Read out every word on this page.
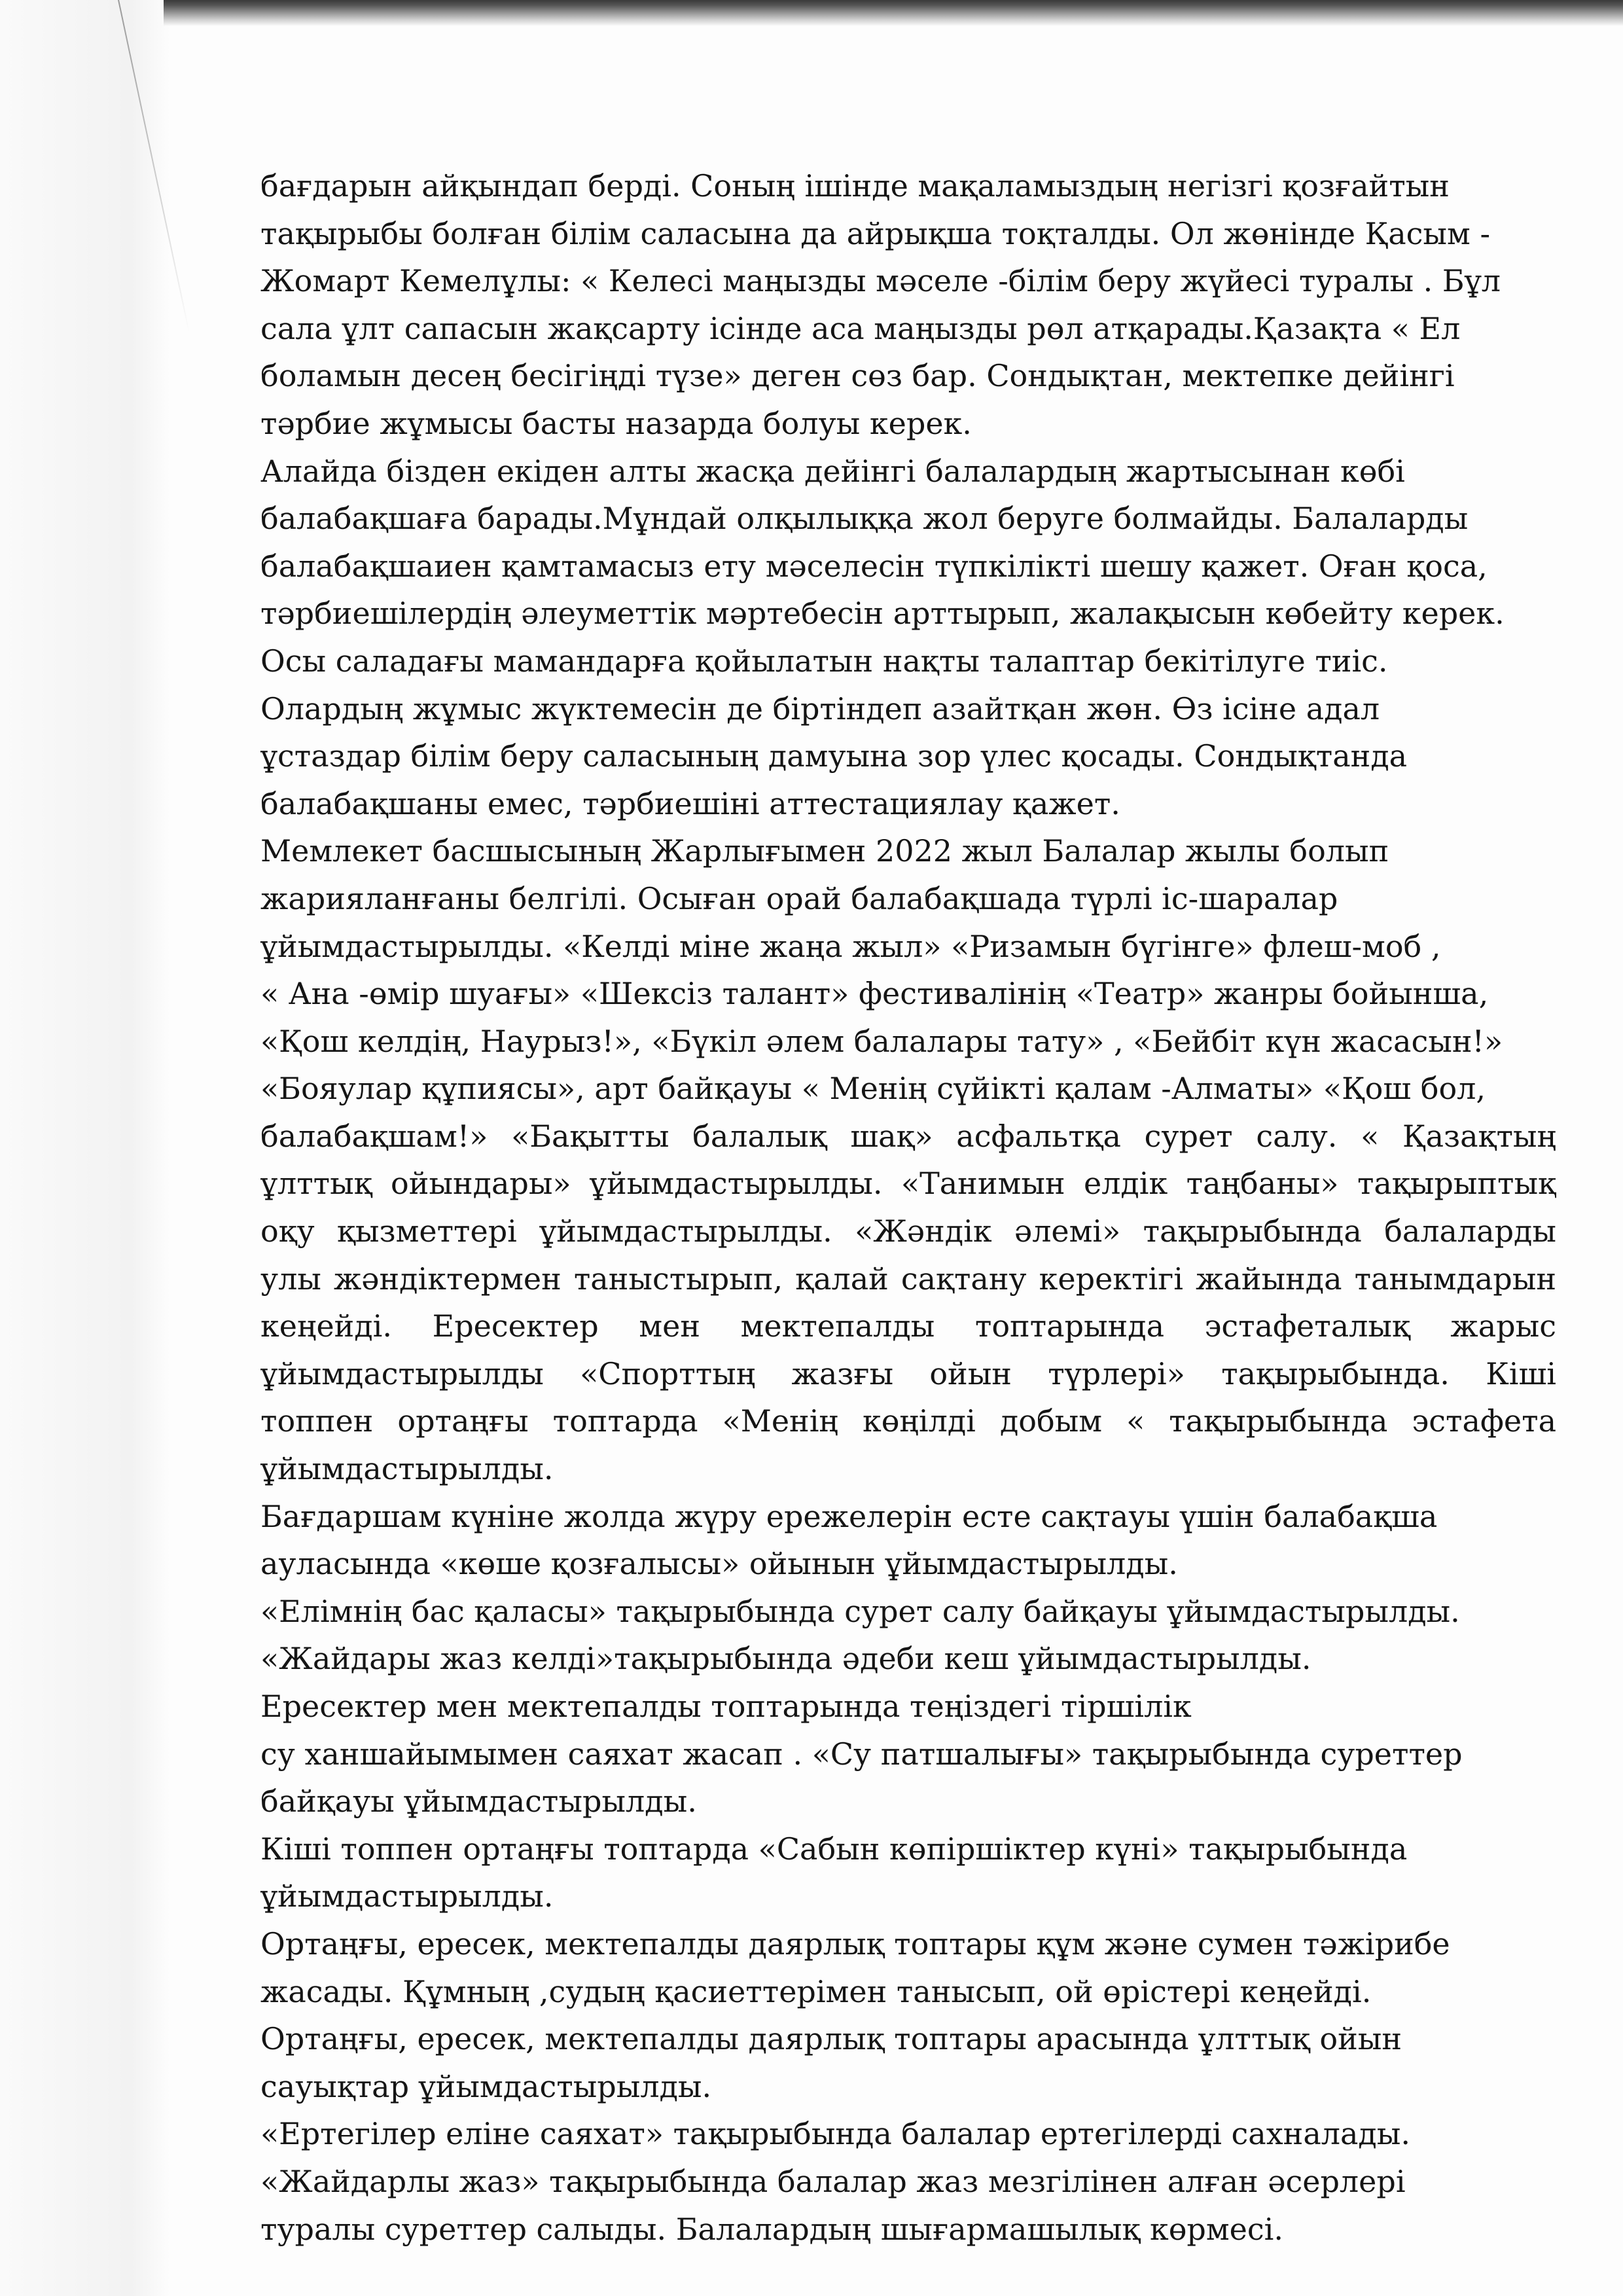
бағдарын айқындап берді. Соның ішінде мақаламыздың негізгі қозғайтын
тақырыбы болған білім саласына да айрықша тоқталды. Ол жөнінде Қасым -
Жомарт Кемелұлы: « Келесі маңызды мәселе -білім беру жүйесі туралы . Бұл
сала ұлт сапасын жақсарту ісінде аса маңызды рөл атқарады.Қазақта « Ел
боламын десең бесігіңді түзе» деген сөз бар. Сондықтан, мектепке дейінгі
тәрбие жұмысы басты назарда болуы керек.
Алайда бізден екіден алты жасқа дейінгі балалардың жартысынан көбі
балабақшаға барады.Мұндай олқылыққа жол беруге болмайды. Балаларды
балабақшаиен қамтамасыз ету мәселесін түпкілікті шешу қажет. Оған қоса,
тәрбиешілердің әлеуметтік мәртебесін арттырып, жалақысын көбейту керек.
Осы саладағы мамандарға қойылатын нақты талаптар бекітілуге тиіс.
Олардың жұмыс жүктемесін де біртіндеп азайтқан жөн. Өз ісіне адал
ұстаздар білім беру саласының дамуына зор үлес қосады. Сондықтанда
балабақшаны емес, тәрбиешіні аттестациялау қажет.
Мемлекет басшысының Жарлығымен 2022 жыл Балалар жылы болып
жарияланғаны белгілі. Осыған орай балабақшада түрлі іс-шаралар
ұйымдастырылды. «Келді міне жаңа жыл» «Ризамын бүгінге» флеш-моб ,
« Ана -өмір шуағы» «Шексіз талант» фестивалінің «Театр» жанры бойынша,
«Қош келдің, Наурыз!», «Бүкіл әлем балалары тату» , «Бейбіт күн жасасын!»
«Бояулар құпиясы», арт байқауы « Менің сүйікті қалам -Алматы» «Қош бол,
балабақшам!» «Бақытты балалық шақ» асфальтқа сурет салу. « Қазақтың
ұлттық ойындары» ұйымдастырылды. «Танимын елдік таңбаны» тақырыптық
оқу қызметтері ұйымдастырылды. «Жәндік әлемі» тақырыбында балаларды
улы жәндіктермен таныстырып, қалай сақтану керектігі жайында танымдарын
кеңейді. Ересектер мен мектепалды топтарында эстафеталық жарыс
ұйымдастырылды «Спорттың жазғы ойын түрлері» тақырыбында. Кіші
топпен ортаңғы топтарда «Менің көңілді добым « тақырыбында эстафета
ұйымдастырылды.
Бағдаршам күніне жолда жүру ережелерін есте сақтауы үшін балабақша
ауласында «көше қозғалысы» ойынын ұйымдастырылды.
«Елімнің бас қаласы» тақырыбында сурет салу байқауы ұйымдастырылды.
«Жайдары жаз келді»тақырыбында әдеби кеш ұйымдастырылды.
Ересектер мен мектепалды топтарында теңіздегі тіршілік
су ханшайымымен саяхат жасап . «Су патшалығы» тақырыбында суреттер
байқауы ұйымдастырылды.
Кіші топпен ортаңғы топтарда «Сабын көпіршіктер күні» тақырыбында
ұйымдастырылды.
Ортаңғы, ересек, мектепалды даярлық топтары құм және сумен тәжірибе
жасады. Құмның ,судың қасиеттерімен танысып, ой өрістері кеңейді.
Ортаңғы, ересек, мектепалды даярлық топтары арасында ұлттық ойын
сауықтар ұйымдастырылды.
«Ертегілер еліне саяхат» тақырыбында балалар ертегілерді сахналады.
«Жайдарлы жаз» тақырыбында балалар жаз мезгілінен алған әсерлері
туралы суреттер салыды. Балалардың шығармашылық көрмесі.
